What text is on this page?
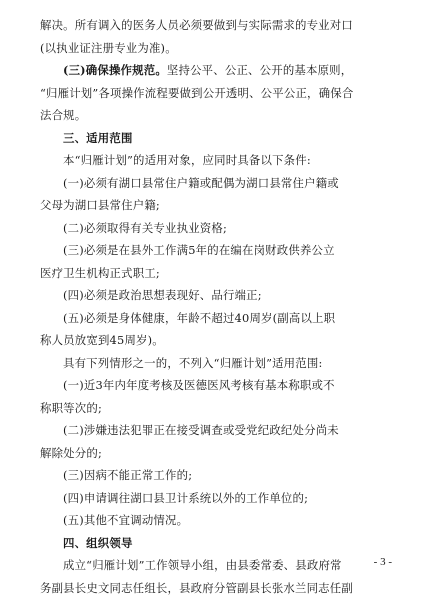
解决。所有调入的医务人员必须要做到与实际需求的专业对口

(以执业证注册专业为准)。

(三)确保操作规范。坚持公平、公正、公开的基本原则，

“归雁计划”各项操作流程要做到公开透明、公平公正，确保合

法合规。

三、适用范围

本“归雁计划”的适用对象，应同时具备以下条件:

(一)必须有湖口县常住户籍或配偶为湖口县常住户籍或

父母为湖口县常住户籍;

(二)必须取得有关专业执业资格;

(三)必须是在县外工作满5年的在编在岗财政供养公立

医疗卫生机构正式职工;

(四)必须是政治思想表现好、品行端正;

(五)必须是身体健康，年龄不超过40周岁(副高以上职

称人员放宽到45周岁)。

具有下列情形之一的，不列入“归雁计划”适用范围:

(一)近3年内年度考核及医德医风考核有基本称职或不

称职等次的;

(二)涉嫌违法犯罪正在接受调查或受党纪政纪处分尚未

解除处分的;

(三)因病不能正常工作的;

(四)申请调往湖口县卫计系统以外的工作单位的;

(五)其他不宜调动情况。

四、组织领导

成立“归雁计划”工作领导小组，由县委常委、县政府常

务副县长史文同志任组长，县政府分管副县长张水兰同志任副

- 3 -
